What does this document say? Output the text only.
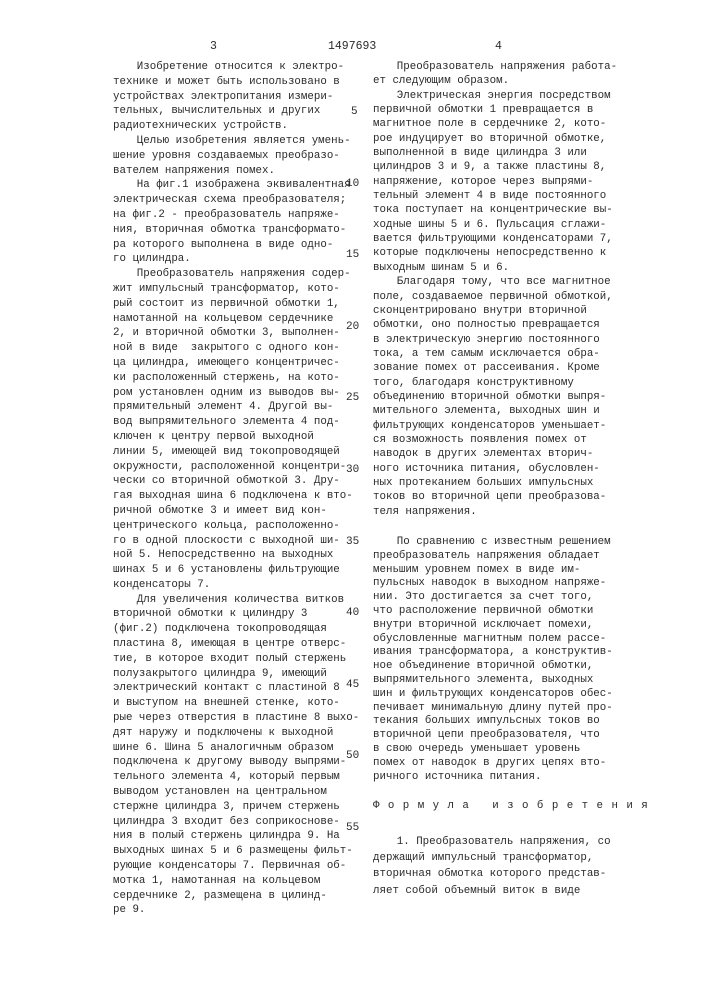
3	1497693	4
Изобретение относится к электро-
технике и может быть использовано в
устройствах электропитания измери-
тельных, вычислительных и других
радиотехнических устройств.
Целью изобретения является умень-
шение уровня создаваемых преобразо-
вателем напряжения помех.
На фиг.1 изображена эквивалентная
электрическая схема преобразователя;
на фиг.2 - преобразователь напряже-
ния, вторичная обмотка трансформато-
ра которого выполнена в виде одно-
го цилиндра.
Преобразователь напряжения содер-
жит импульсный трансформатор, кото-
рый состоит из первичной обмотки 1,
намотанной на кольцевом сердечнике
2, и вторичной обмотки 3, выполнен-
ной в виде  закрытого с одного кон-
ца цилиндра, имеющего концентричес-
ки расположенный стержень, на кото-
ром установлен одним из выводов вы-
прямительный элемент 4. Другой вы-
вод выпрямительного элемента 4 под-
ключен к центру первой выходной
линии 5, имеющей вид токопроводящей
окружности, расположенной концентри-
чески со вторичной обмоткой 3. Дру-
гая выходная шина 6 подключена к вто-
ричной обмотке 3 и имеет вид кон-
центрического кольца, расположенно-
го в одной плоскости с выходной ши-
ной 5. Непосредственно на выходных
шинах 5 и 6 установлены фильтрующие
конденсаторы 7.
Для увеличения количества витков
вторичной обмотки к цилиндру 3
(фиг.2) подключена токопроводящая
пластина 8, имеющая в центре отверс-
тие, в которое входит полый стержень
полузакрытого цилиндра 9, имеющий
электрический контакт с пластиной 8
и выступом на внешней стенке, кото-
рые через отверстия в пластине 8 выхо-
дят наружу и подключены к выходной
шине 6. Шина 5 аналогичным образом
подключена к другому выводу выпрями-
тельного элемента 4, который первым
выводом установлен на центральном
стержне цилиндра 3, причем стержень
цилиндра 3 входит без соприкоснове-
ния в полый стержень цилиндра 9. На
выходных шинах 5 и 6 размещены фильт-
рующие конденсаторы 7. Первичная об-
мотка 1, намотанная на кольцевом
сердечнике 2, размещена в цилинд-
ре 9.
Преобразователь напряжения работа-
ет следующим образом.
Электрическая энергия посредством
первичной обмотки 1 превращается в
магнитное поле в сердечнике 2, кото-
рое индуцирует во вторичной обмотке,
выполненной в виде цилиндра 3 или
цилиндров 3 и 9, а также пластины 8,
напряжение, которое через выпрями-
тельный элемент 4 в виде постоянного
тока поступает на концентрические вы-
ходные шины 5 и 6. Пульсация сглажи-
вается фильтрующими конденсаторами 7,
которые подключены непосредственно к
выходным шинам 5 и 6.
Благодаря тому, что все магнитное
поле, создаваемое первичной обмоткой,
сконцентрировано внутри вторичной
обмотки, оно полностью превращается
в электрическую энергию постоянного
тока, а тем самым исключается обра-
зование помех от рассеивания. Кроме
того, благодаря конструктивному
объединению вторичной обмотки выпря-
мительного элемента, выходных шин и
фильтрующих конденсаторов уменьшает-
ся возможность появления помех от
наводок в других элементах вторич-
ного источника питания, обусловлен-
ных протеканием больших импульсных
токов во вторичной цепи преобразова-
теля напряжения.
По сравнению с известным решением
преобразователь напряжения обладает
меньшим уровнем помех в виде им-
пульсных наводок в выходном напряже-
нии. Это достигается за счет того,
что расположение первичной обмотки
внутри вторичной исключает помехи,
обусловленные магнитным полем рассе-
ивания трансформатора, а конструктив-
ное объединение вторичной обмотки,
выпрямительного элемента, выходных
шин и фильтрующих конденсаторов обес-
печивает минимальную длину путей про-
текания больших импульсных токов во
вторичной цепи преобразователя, что
в свою очередь уменьшает уровень
помех от наводок в других цепях вто-
ричного источника питания.
Формула изобретения
1. Преобразователь напряжения, со
держащий импульсный трансформатор,
вторичная обмотка которого представ-
ляет собой объемный виток в виде
5
10
15
20
25
30
35
40
45
50
55
